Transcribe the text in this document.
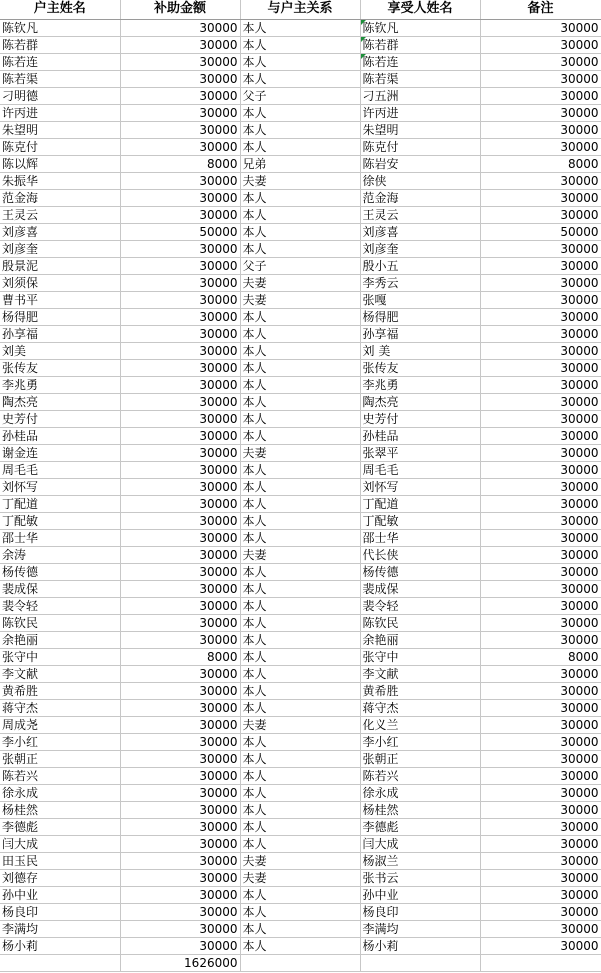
户主姓名	补助金额	与户主关系	享受人姓名	备注
陈钦凡	30000	本人	陈钦凡	30000
陈若群	30000	本人	陈若群	30000
陈若连	30000	本人	陈若连	30000
陈若渠	30000	本人	陈若渠	30000
刁明德	30000	父子	刁五洲	30000
许丙进	30000	本人	许丙进	30000
朱望明	30000	本人	朱望明	30000
陈克付	30000	本人	陈克付	30000
陈以辉	8000	兄弟	陈岩安	8000
朱振华	30000	夫妻	徐侠	30000
范金海	30000	本人	范金海	30000
王灵云	30000	本人	王灵云	30000
刘彦喜	50000	本人	刘彦喜	50000
刘彦奎	30000	本人	刘彦奎	30000
殷景泥	30000	父子	殷小五	30000
刘须保	30000	夫妻	李秀云	30000
曹书平	30000	夫妻	张嘎	30000
杨得肥	30000	本人	杨得肥	30000
孙享福	30000	本人	孙享福	30000
刘美	30000	本人	刘 美	30000
张传友	30000	本人	张传友	30000
李兆勇	30000	本人	李兆勇	30000
陶杰亮	30000	本人	陶杰亮	30000
史芳付	30000	本人	史芳付	30000
孙桂品	30000	本人	孙桂品	30000
谢金连	30000	夫妻	张翠平	30000
周毛毛	30000	本人	周毛毛	30000
刘怀写	30000	本人	刘怀写	30000
丁配道	30000	本人	丁配道	30000
丁配敏	30000	本人	丁配敏	30000
邵士华	30000	本人	邵士华	30000
余涛	30000	夫妻	代长侠	30000
杨传德	30000	本人	杨传德	30000
裴成保	30000	本人	裴成保	30000
裴令轻	30000	本人	裴令轻	30000
陈钦民	30000	本人	陈钦民	30000
余艳丽	30000	本人	余艳丽	30000
张守中	8000	本人	张守中	8000
李文献	30000	本人	李文献	30000
黄希胜	30000	本人	黄希胜	30000
蒋守杰	30000	本人	蒋守杰	30000
周成尧	30000	夫妻	化义兰	30000
李小红	30000	本人	李小红	30000
张朝正	30000	本人	张朝正	30000
陈若兴	30000	本人	陈若兴	30000
徐永成	30000	本人	徐永成	30000
杨桂然	30000	本人	杨桂然	30000
李德彪	30000	本人	李德彪	30000
闫大成	30000	本人	闫大成	30000
田玉民	30000	夫妻	杨淑兰	30000
刘德存	30000	夫妻	张书云	30000
孙中业	30000	本人	孙中业	30000
杨良印	30000	本人	杨良印	30000
李满均	30000	本人	李满均	30000
杨小莉	30000	本人	杨小莉	30000
	1626000			
